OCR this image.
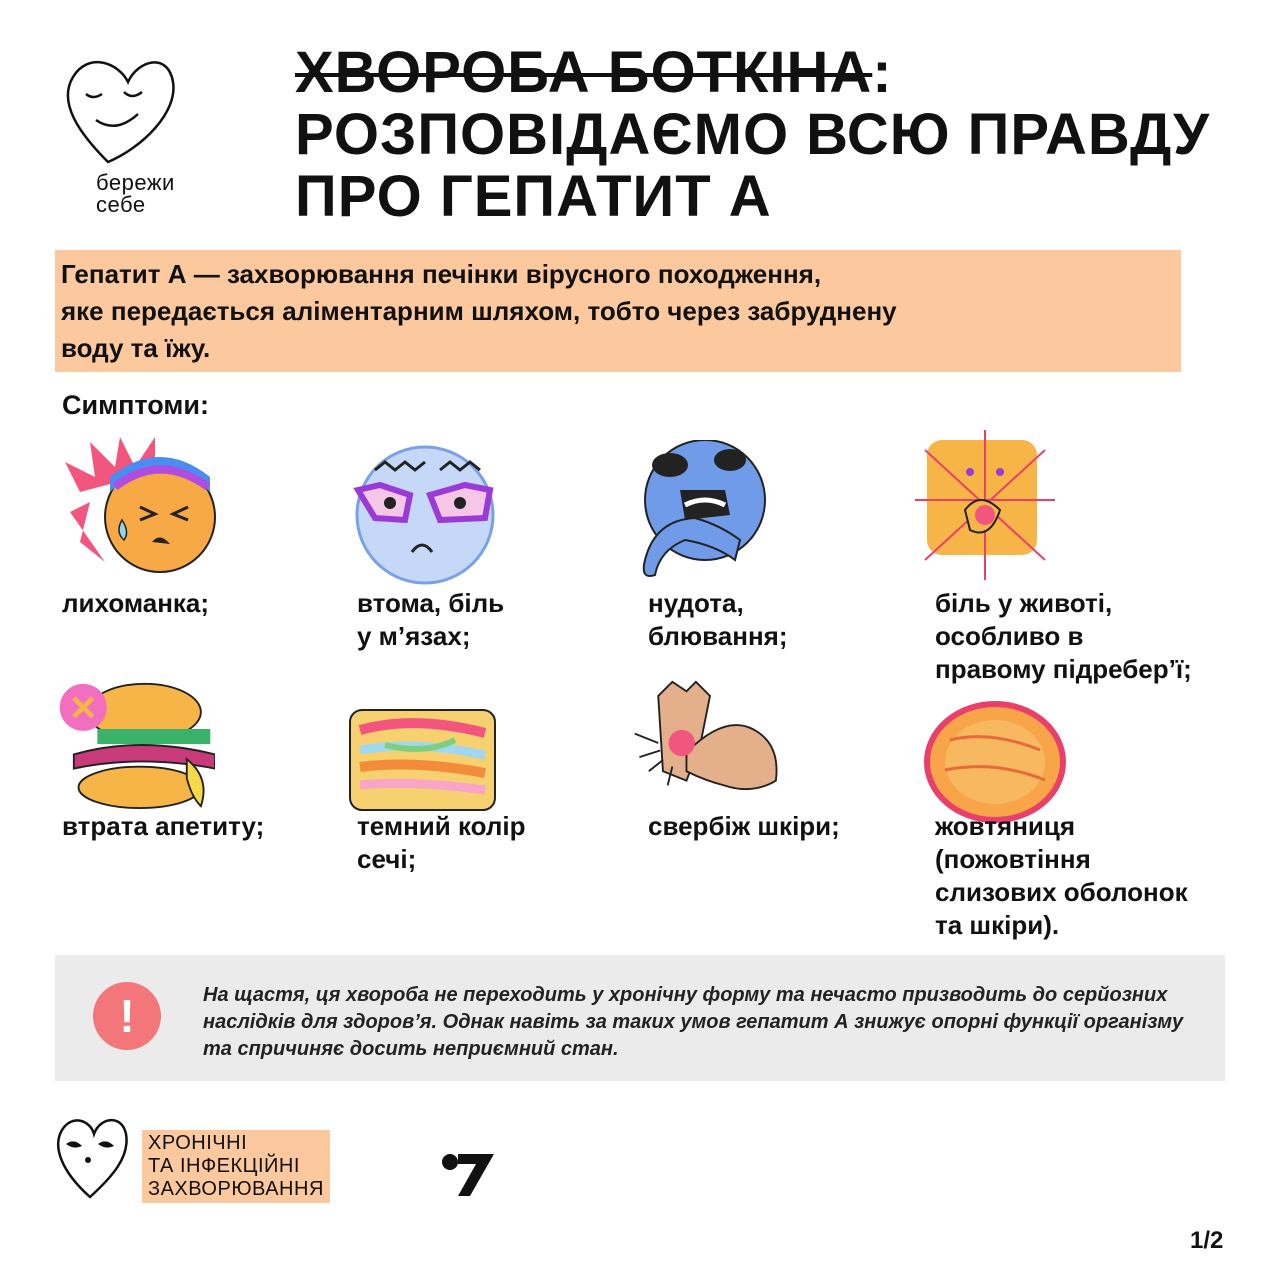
бережи
себе
ХВОРОБА БОТКІНА:
РОЗПОВІДАЄМО ВСЮ ПРАВДУ
ПРО ГЕПАТИТ А

Гепатит А — захворювання печінки вірусного походження,

яке передається аліментарним шляхом, тобто через забруднену

воду та їжу.

Симптоми:
лихоманка;	втома, біль
у м’язах;
нудота,
блювання;
біль у животі,
особливо в
правому підребер’ї;
втрата апетиту;	темний колір
сечі;
свербіж шкіри;	жовтяниця
(пожовтіння
слизових оболонок
та шкіри).
!	На щастя, ця хвороба не переходить у хронічну форму та нечасто призводить до серйозних наслідків для здоров’я. Однак навіть за таких умов гепатит А знижує опорні функції організму та спричиняє досить неприємний стан.
ХРОНІЧНІ
ТА ІНФЕКЦІЙНІ
ЗАХВОРЮВАННЯ
1/2
